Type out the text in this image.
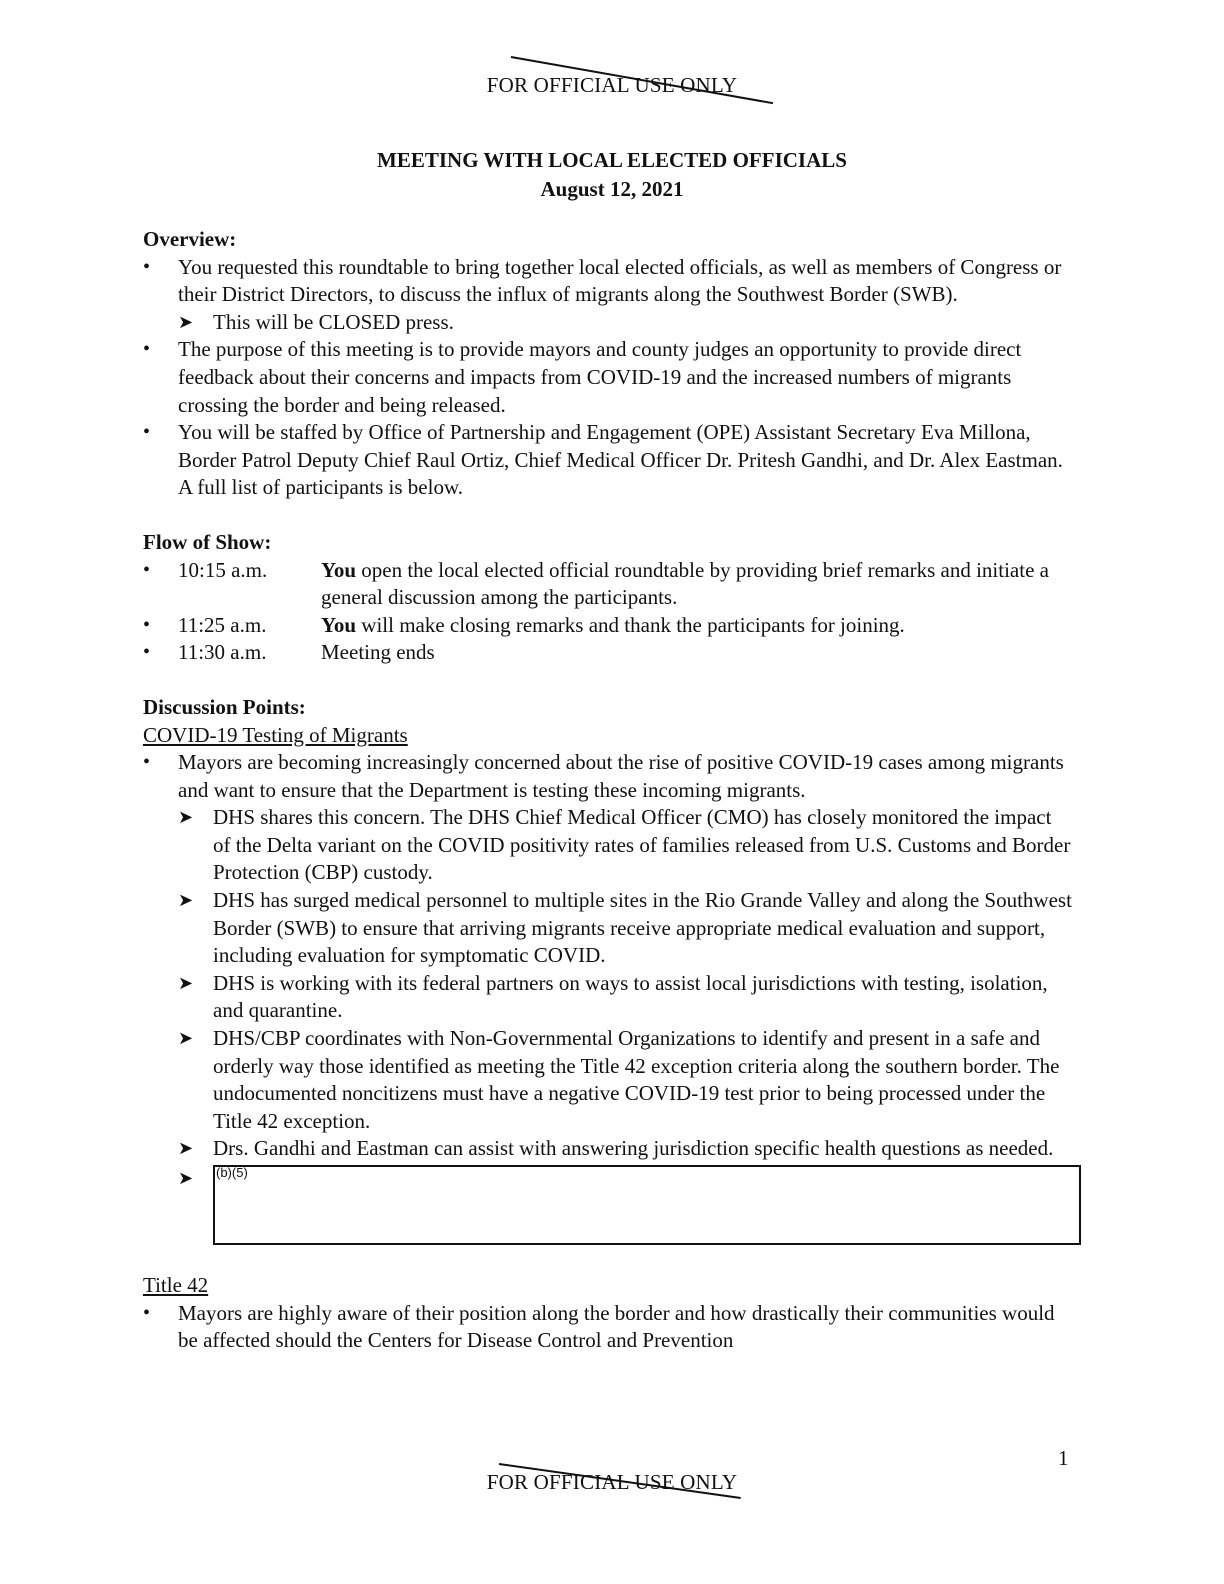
FOR OFFICIAL USE ONLY
MEETING WITH LOCAL ELECTED OFFICIALS
August 12, 2021

Overview:

• You requested this roundtable to bring together local elected officials, as well as members of Congress or their District Directors, to discuss the influx of migrants along the Southwest Border (SWB).
➤ This will be CLOSED press.
• The purpose of this meeting is to provide mayors and county judges an opportunity to provide direct feedback about their concerns and impacts from COVID-19 and the increased numbers of migrants crossing the border and being released.
• You will be staffed by Office of Partnership and Engagement (OPE) Assistant Secretary Eva Millona, Border Patrol Deputy Chief Raul Ortiz, Chief Medical Officer Dr. Pritesh Gandhi, and Dr. Alex Eastman. A full list of participants is below.

Flow of Show:

• 10:15 a.m.	You open the local elected official roundtable by providing brief remarks and initiate a general discussion among the participants.
• 11:25 a.m.	You will make closing remarks and thank the participants for joining.
• 11:30 a.m.	Meeting ends

Discussion Points:

COVID-19 Testing of Migrants

• Mayors are becoming increasingly concerned about the rise of positive COVID-19 cases among migrants and want to ensure that the Department is testing these incoming migrants.
➤ DHS shares this concern. The DHS Chief Medical Officer (CMO) has closely monitored the impact of the Delta variant on the COVID positivity rates of families released from U.S. Customs and Border Protection (CBP) custody.
➤ DHS has surged medical personnel to multiple sites in the Rio Grande Valley and along the Southwest Border (SWB) to ensure that arriving migrants receive appropriate medical evaluation and support, including evaluation for symptomatic COVID.
➤ DHS is working with its federal partners on ways to assist local jurisdictions with testing, isolation, and quarantine.
➤ DHS/CBP coordinates with Non-Governmental Organizations to identify and present in a safe and orderly way those identified as meeting the Title 42 exception criteria along the southern border. The undocumented noncitizens must have a negative COVID-19 test prior to being processed under the Title 42 exception.
➤ Drs. Gandhi and Eastman can assist with answering jurisdiction specific health questions as needed.
➤ (b)(5)

Title 42

• Mayors are highly aware of their position along the border and how drastically their communities would be affected should the Centers for Disease Control and Prevention
1
FOR OFFICIAL USE ONLY
